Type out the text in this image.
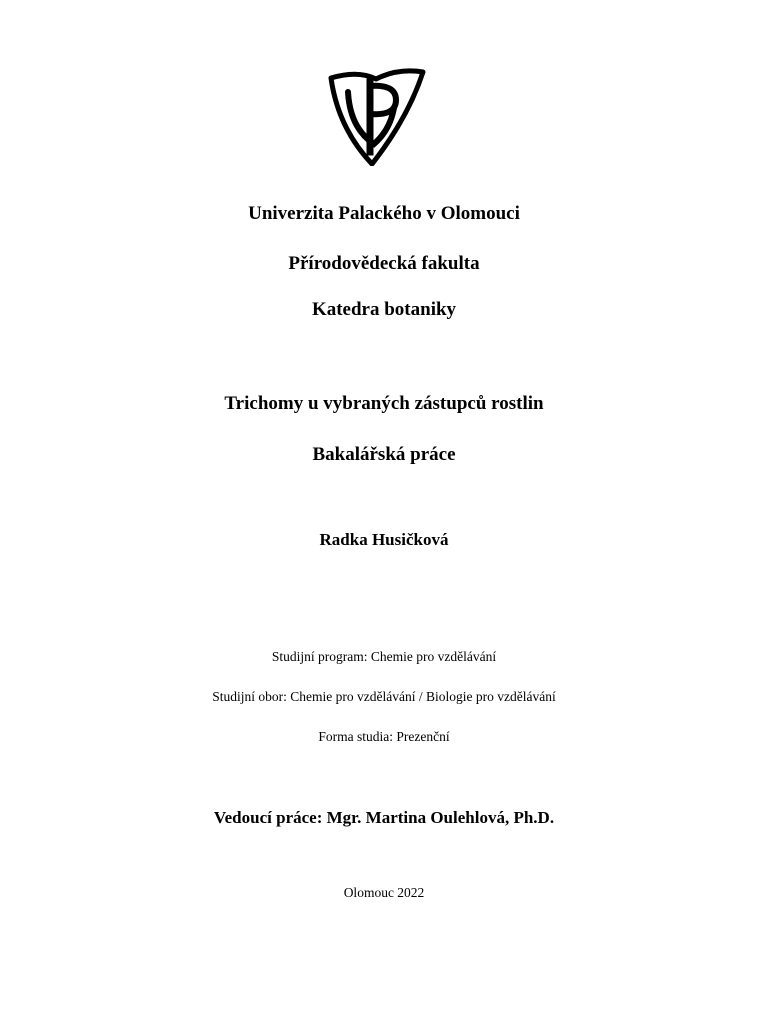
Univerzita Palackého v Olomouci
Přírodovědecká fakulta
Katedra botaniky
Trichomy u vybraných zástupců rostlin
Bakalářská práce
Radka Husičková
Studijní program: Chemie pro vzdělávání
Studijní obor: Chemie pro vzdělávání / Biologie pro vzdělávání
Forma studia: Prezenční
Vedoucí práce: Mgr. Martina Oulehlová, Ph.D.
Olomouc 2022
